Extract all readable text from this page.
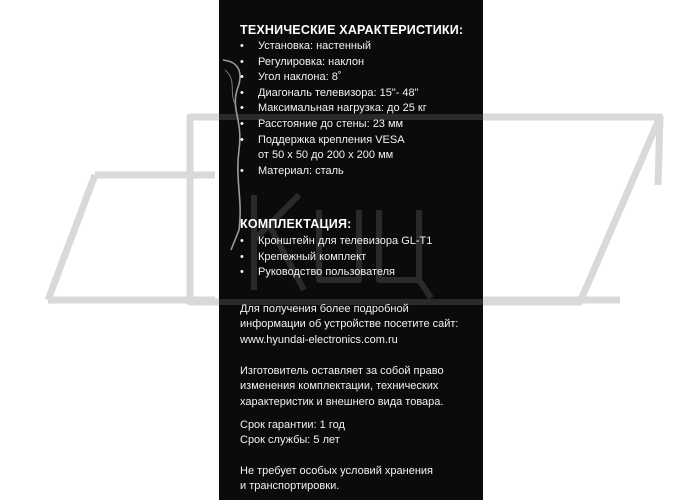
ТЕХНИЧЕСКИЕ ХАРАКТЕРИСТИКИ:
• Установка: настенный
• Регулировка: наклон
• Угол наклона: 8˚
• Диагональ телевизора: 15"- 48"
• Максимальная нагрузка: до 25 кг
• Расстояние до стены: 23 мм
• Поддержка крепления VESA
от 50 х 50 до 200 х 200 мм
• Материал: сталь
КОМПЛЕКТАЦИЯ:
• Кронштейн для телевизора GL-T1
• Крепежный комплект
• Руководство пользователя

Для получения более подробной
информации об устройстве посетите сайт:
www.hyundai-electronics.com.ru

Изготовитель оставляет за собой право
изменения комплектации, технических
характеристик и внешнего вида товара.

Срок гарантии: 1 год
Срок службы: 5 лет

Не требует особых условий хранения
и транспортировки.
